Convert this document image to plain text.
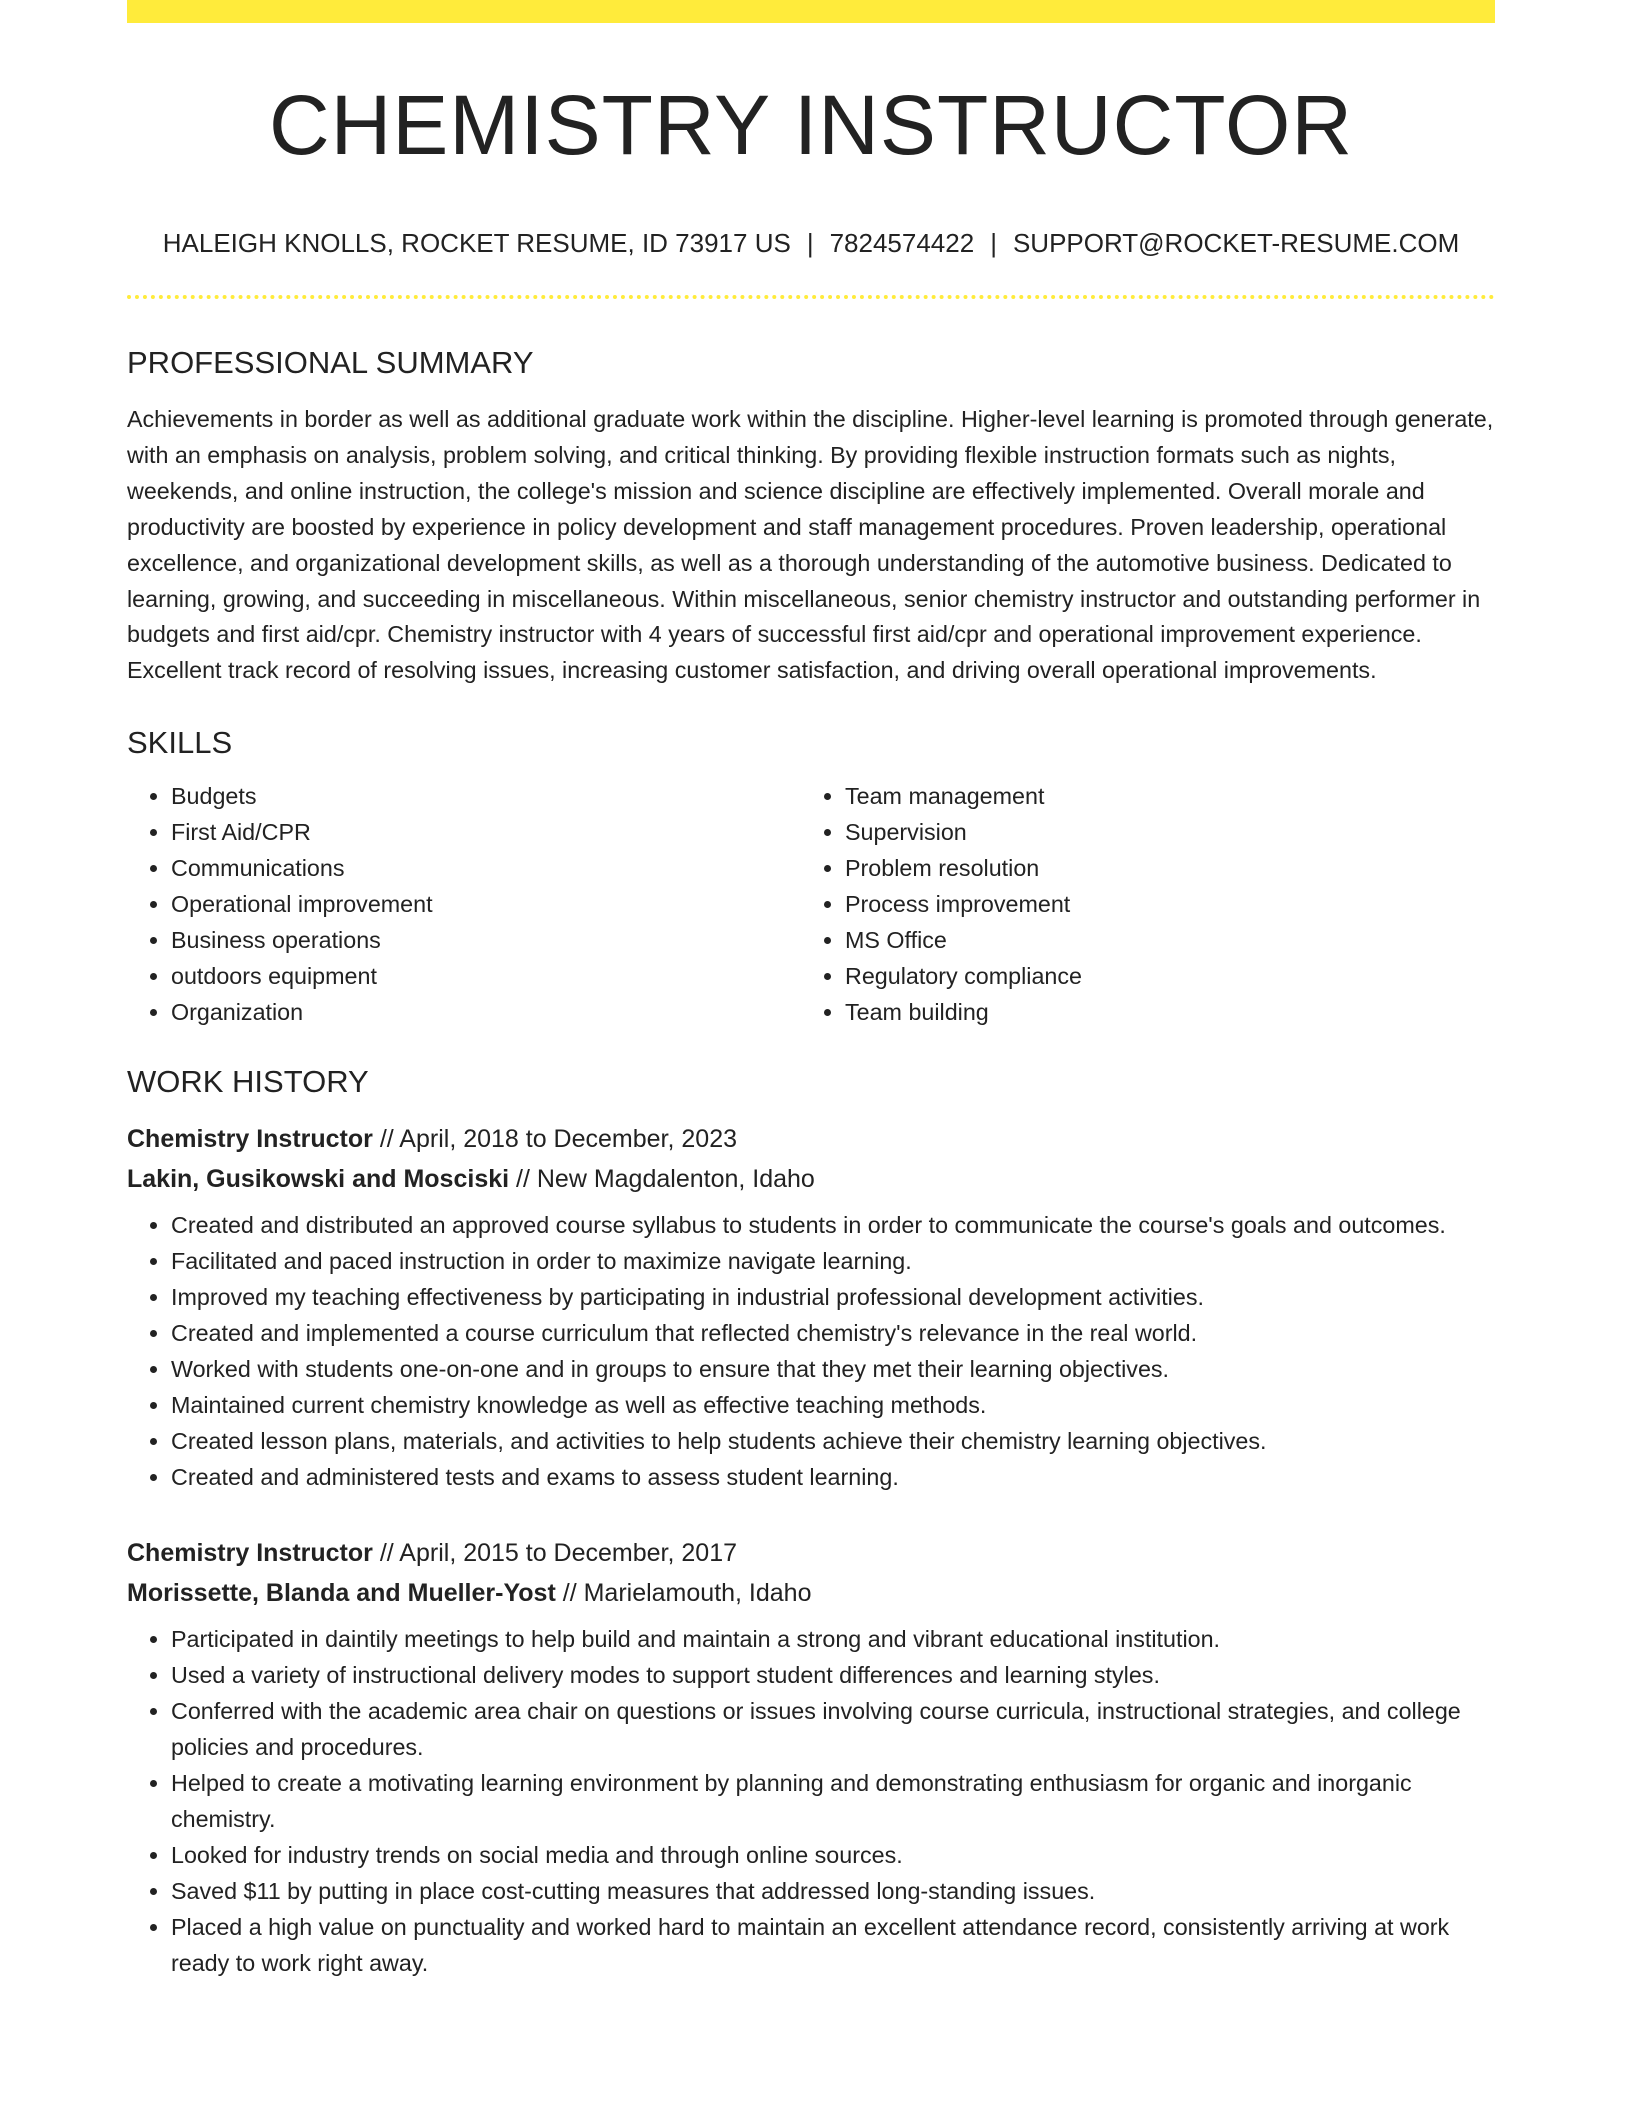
CHEMISTRY INSTRUCTOR
HALEIGH KNOLLS, ROCKET RESUME, ID 73917 US | 7824574422 | SUPPORT@ROCKET-RESUME.COM
PROFESSIONAL SUMMARY

Achievements in border as well as additional graduate work within the discipline. Higher-level learning is promoted through generate, with an emphasis on analysis, problem solving, and critical thinking. By providing flexible instruction formats such as nights, weekends, and online instruction, the college's mission and science discipline are effectively implemented. Overall morale and productivity are boosted by experience in policy development and staff management procedures. Proven leadership, operational excellence, and organizational development skills, as well as a thorough understanding of the automotive business. Dedicated to learning, growing, and succeeding in miscellaneous. Within miscellaneous, senior chemistry instructor and outstanding performer in budgets and first aid/cpr. Chemistry instructor with 4 years of successful first aid/cpr and operational improvement experience. Excellent track record of resolving issues, increasing customer satisfaction, and driving overall operational improvements.

SKILLS
• Budgets
• First Aid/CPR
• Communications
• Operational improvement
• Business operations
• outdoors equipment
• Organization
• Team management
• Supervision
• Problem resolution
• Process improvement
• MS Office
• Regulatory compliance
• Team building
WORK HISTORY
Chemistry Instructor // April, 2018 to December, 2023
Lakin, Gusikowski and Mosciski // New Magdalenton, Idaho
• Created and distributed an approved course syllabus to students in order to communicate the course's goals and outcomes.
• Facilitated and paced instruction in order to maximize navigate learning.
• Improved my teaching effectiveness by participating in industrial professional development activities.
• Created and implemented a course curriculum that reflected chemistry's relevance in the real world.
• Worked with students one-on-one and in groups to ensure that they met their learning objectives.
• Maintained current chemistry knowledge as well as effective teaching methods.
• Created lesson plans, materials, and activities to help students achieve their chemistry learning objectives.
• Created and administered tests and exams to assess student learning.
Chemistry Instructor // April, 2015 to December, 2017
Morissette, Blanda and Mueller-Yost // Marielamouth, Idaho
• Participated in daintily meetings to help build and maintain a strong and vibrant educational institution.
• Used a variety of instructional delivery modes to support student differences and learning styles.
• Conferred with the academic area chair on questions or issues involving course curricula, instructional strategies, and college policies and procedures.
• Helped to create a motivating learning environment by planning and demonstrating enthusiasm for organic and inorganic chemistry.
• Looked for industry trends on social media and through online sources.
• Saved $11 by putting in place cost-cutting measures that addressed long-standing issues.
• Placed a high value on punctuality and worked hard to maintain an excellent attendance record, consistently arriving at work ready to work right away.
